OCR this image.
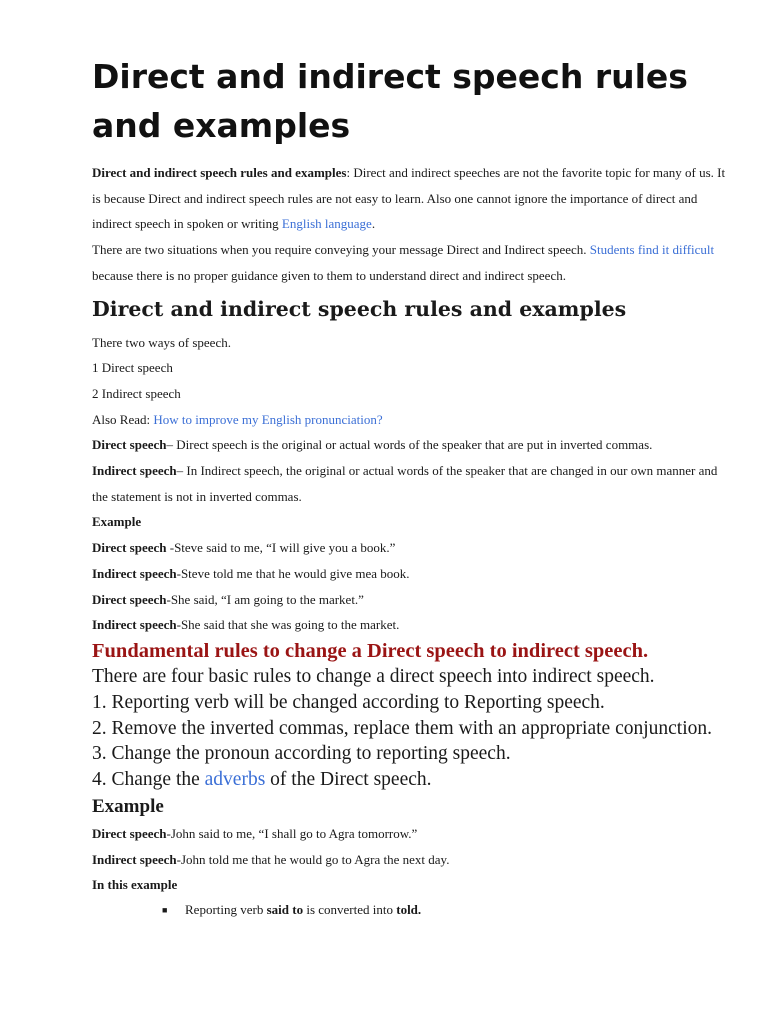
Direct and indirect speech rules and examples

Direct and indirect speech rules and examples: Direct and indirect speeches are not the favorite topic for many of us. It is because Direct and indirect speech rules are not easy to learn. Also one cannot ignore the importance of direct and indirect speech in spoken or writing English language.

There are two situations when you require conveying your message Direct and Indirect speech. Students find it difficult because there is no proper guidance given to them to understand direct and indirect speech.

Direct and indirect speech rules and examples

There two ways of speech.

1 Direct speech

2 Indirect speech

Also Read: How to improve my English pronunciation?

Direct speech– Direct speech is the original or actual words of the speaker that are put in inverted commas.

Indirect speech– In Indirect speech, the original or actual words of the speaker that are changed in our own manner and the statement is not in inverted commas.

Example

Direct speech -Steve said to me, “I will give you a book.”

Indirect speech-Steve told me that he would give mea book.

Direct speech-She said, “I am going to the market.”

Indirect speech-She said that she was going to the market.

Fundamental rules to change a Direct speech to indirect speech.

There are four basic rules to change a direct speech into indirect speech.

1. Reporting verb will be changed according to Reporting speech.

2. Remove the inverted commas, replace them with an appropriate conjunction.

3. Change the pronoun according to reporting speech.

4. Change the adverbs of the Direct speech.

Example

Direct speech-John said to me, “I shall go to Agra tomorrow.”

Indirect speech-John told me that he would go to Agra the next day.

In this example

■ Reporting verb said to is converted into told.
